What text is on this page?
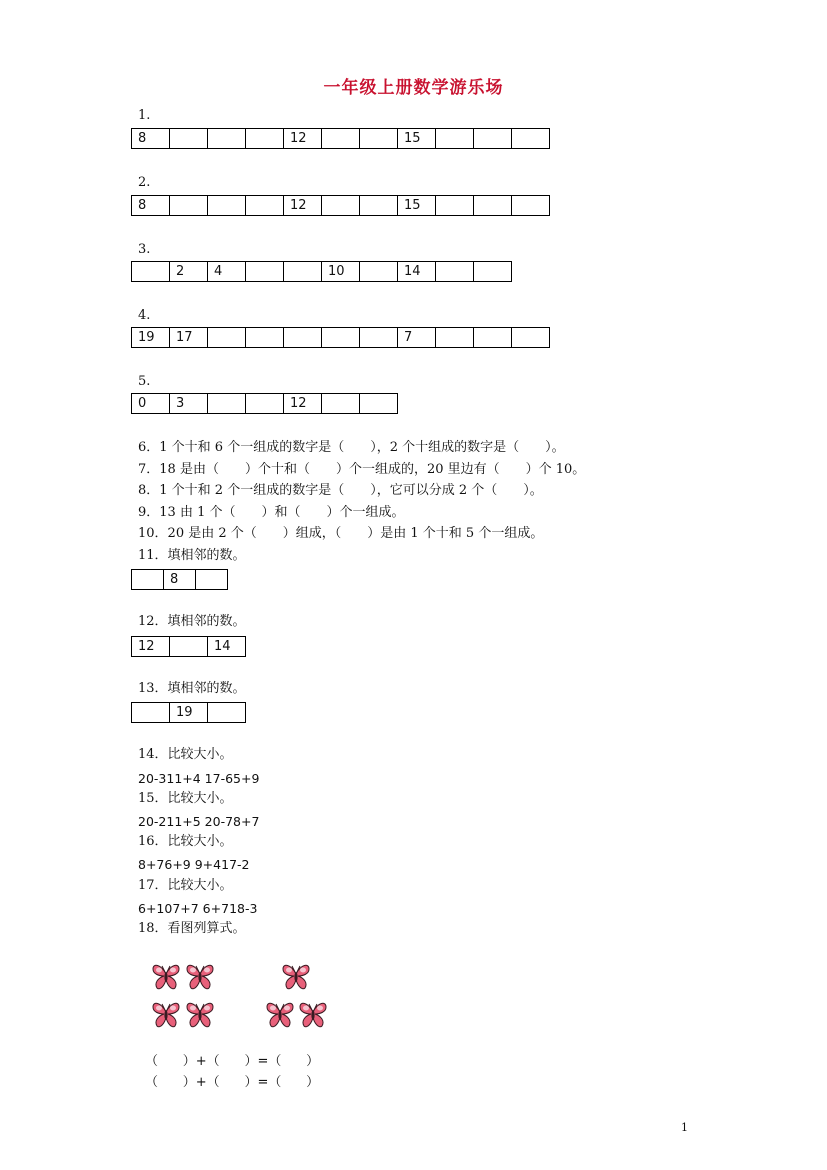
一年级上册数学游乐场
1.
8				12			15			
2.
8				12			15			
3.
	2	4			10		14		
4.
19	17						7			
5.
0	3			12		
6．1 个十和 6 个一组成的数字是（　　），2 个十组成的数字是（　　）。
7．18 是由（　　）个十和（　　）个一组成的，20 里边有（　　）个 10。
8．1 个十和 2 个一组成的数字是（　　），它可以分成 2 个（　　）。
9．13 由 1 个（　　）和（　　）个一组成。
10．20 是由 2 个（　　）组成，（　　）是由 1 个十和 5 个一组成。
11．填相邻的数。
	8	
12．填相邻的数。
12		14
13．填相邻的数。
	19	
14．比较大小。
20-311+4 17-65+9
15．比较大小。
20-211+5 20-78+7
16．比较大小。
8+76+9 9+417-2
17．比较大小。
6+107+7 6+718-3
18．看图列算式。
（      ）+（      ）=（      ）
（      ）+（      ）=（      ）
1
